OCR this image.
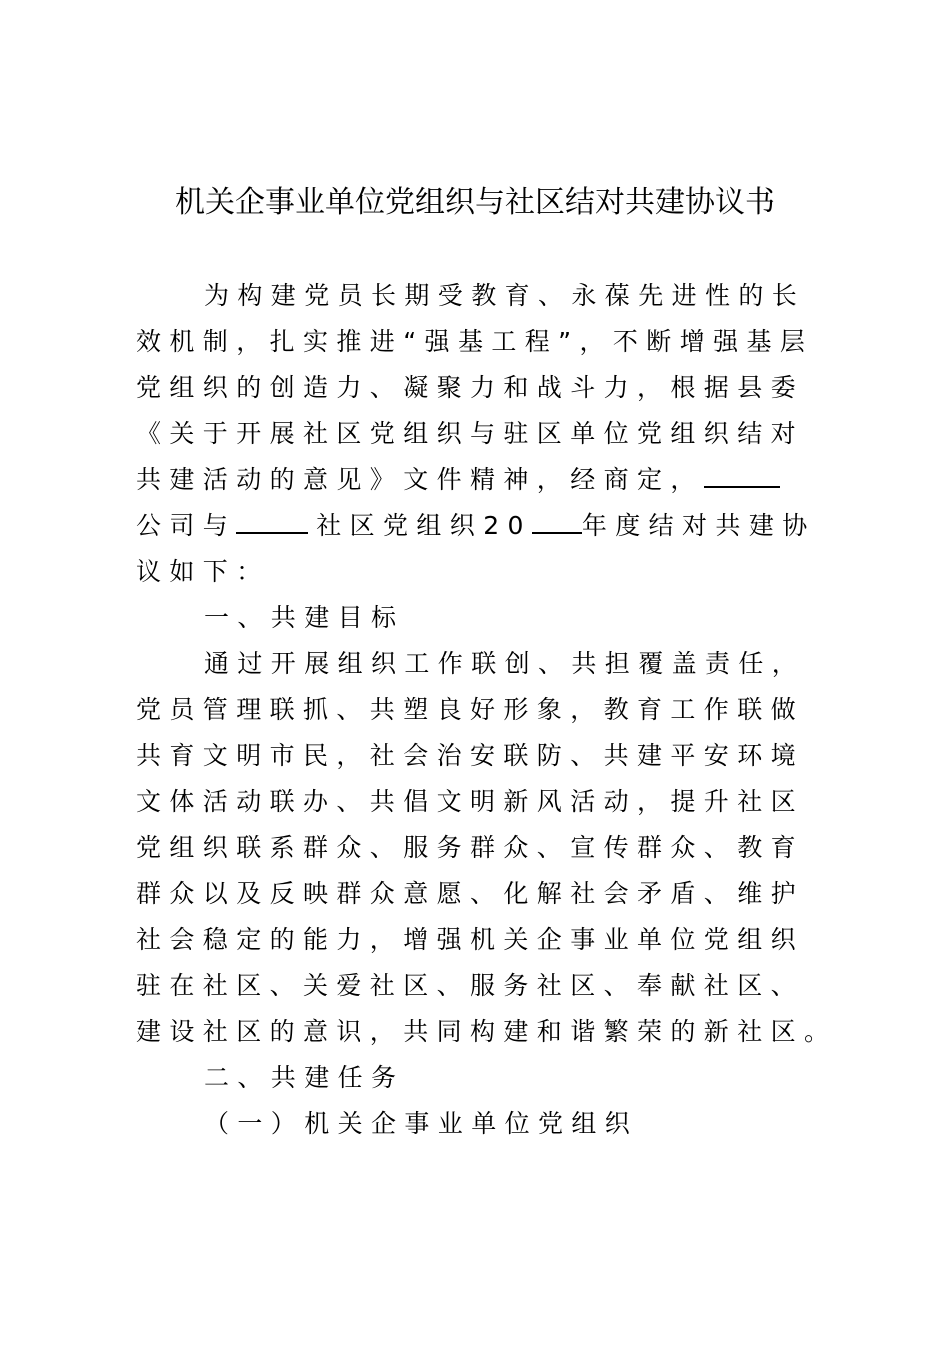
机关企事业单位党组织与社区结对共建协议书
为构建党员长期受教育、永葆先进性的长
效机制，扎实推进“强基工程”，不断增强基层
党组织的创造力、凝聚力和战斗力，根据县委
《关于开展社区党组织与驻区单位党组织结对
共建活动的意见》文件精神，经商定，
公司与	社区党组织20 年度结对共建协
议如下：
一、共建目标
通过开展组织工作联创、共担覆盖责任，
党员管理联抓、共塑良好形象，教育工作联做
共育文明市民，社会治安联防、共建平安环境
文体活动联办、共倡文明新风活动，提升社区
党组织联系群众、服务群众、宣传群众、教育
群众以及反映群众意愿、化解社会矛盾、维护
社会稳定的能力，增强机关企事业单位党组织
驻在社区、关爱社区、服务社区、奉献社区、
建设社区的意识，共同构建和谐繁荣的新社区。
二、共建任务
（一）机关企事业单位党组织
